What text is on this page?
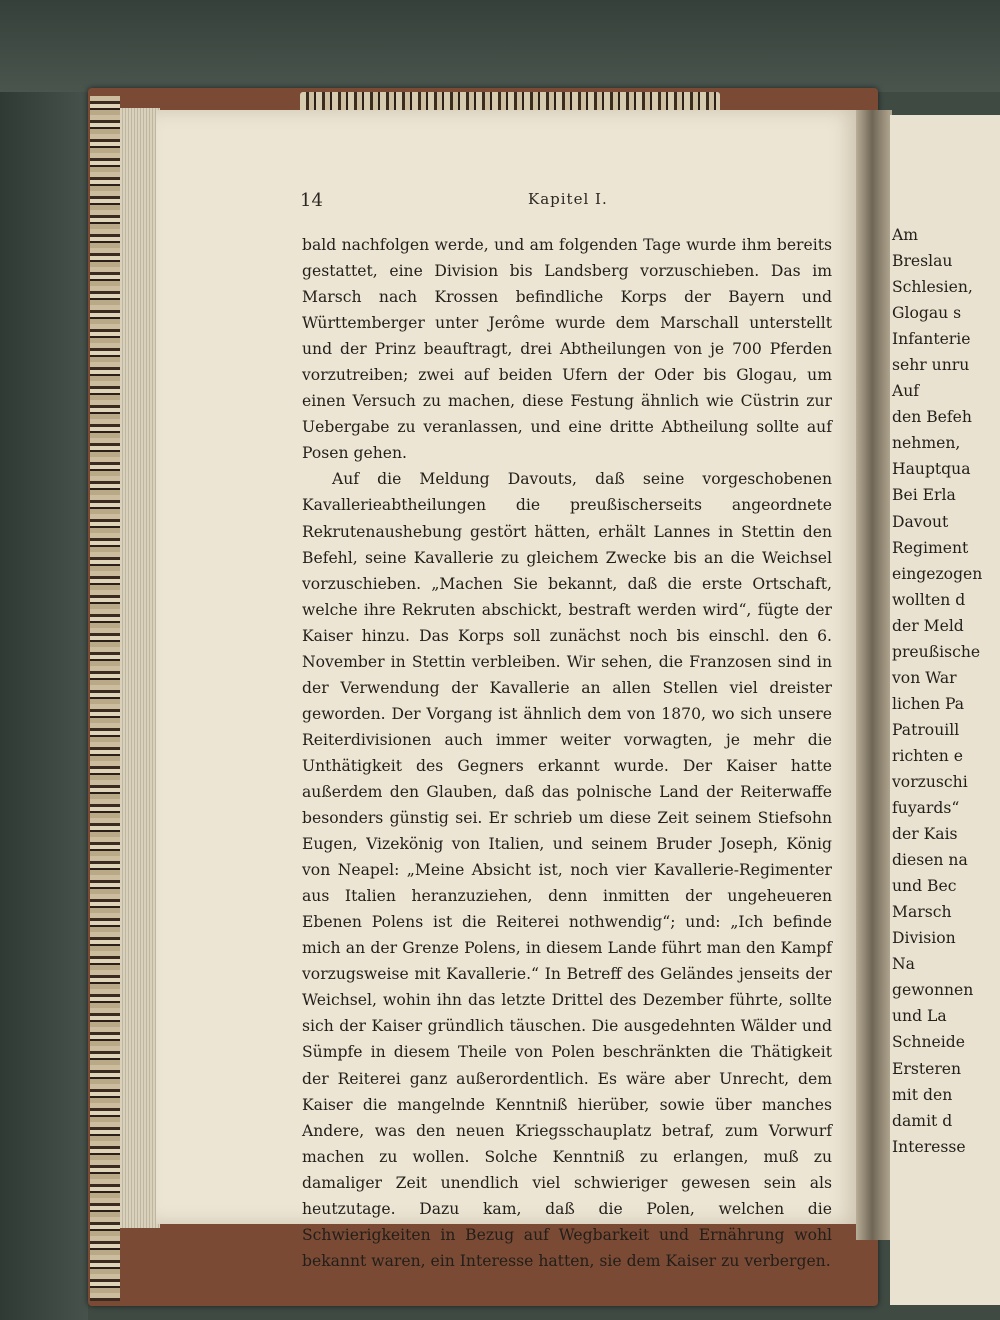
Am
Breslau
Schlesien,
Glogau s
Infanterie
sehr unru
Auf
den Befeh
nehmen,
Hauptqua
Bei Erla
Davout
Regiment
eingezogen
wollten d
der Meld
preußische
von War
lichen Pa
Patrouill
richten e
vorzuschi
fuyards“
der Kais
diesen na
und Bec
Marsch
Division
Na
gewonnen
und La
Schneide
Ersteren
mit den
damit d
Interesse
14	Kapitel I.

bald nachfolgen werde, und am folgenden Tage wurde ihm bereits gestattet, eine Division bis Landsberg vorzuschieben. Das im Marsch nach Krossen befindliche Korps der Bayern und Württemberger unter Jerôme wurde dem Marschall unterstellt und der Prinz beauftragt, drei Abtheilungen von je 700 Pferden vorzutreiben; zwei auf beiden Ufern der Oder bis Glogau, um einen Versuch zu machen, diese Festung ähnlich wie Cüstrin zur Uebergabe zu veranlassen, und eine dritte Abtheilung sollte auf Posen gehen.

Auf die Meldung Davouts, daß seine vorgeschobenen Kavallerieabtheilungen die preußischerseits angeordnete Rekrutenaushebung gestört hätten, erhält Lannes in Stettin den Befehl, seine Kavallerie zu gleichem Zwecke bis an die Weichsel vorzuschieben. „Machen Sie bekannt, daß die erste Ortschaft, welche ihre Rekruten abschickt, bestraft werden wird“, fügte der Kaiser hinzu. Das Korps soll zunächst noch bis einschl. den 6. November in Stettin verbleiben. Wir sehen, die Franzosen sind in der Verwendung der Kavallerie an allen Stellen viel dreister geworden. Der Vorgang ist ähnlich dem von 1870, wo sich unsere Reiterdivisionen auch immer weiter vorwagten, je mehr die Unthätigkeit des Gegners erkannt wurde. Der Kaiser hatte außerdem den Glauben, daß das polnische Land der Reiterwaffe besonders günstig sei. Er schrieb um diese Zeit seinem Stiefsohn Eugen, Vizekönig von Italien, und seinem Bruder Joseph, König von Neapel: „Meine Absicht ist, noch vier Kavallerie-Regimenter aus Italien heranzuziehen, denn inmitten der ungeheueren Ebenen Polens ist die Reiterei nothwendig“; und: „Ich befinde mich an der Grenze Polens, in diesem Lande führt man den Kampf vorzugsweise mit Kavallerie.“ In Betreff des Geländes jenseits der Weichsel, wohin ihn das letzte Drittel des Dezember führte, sollte sich der Kaiser gründlich täuschen. Die ausgedehnten Wälder und Sümpfe in diesem Theile von Polen beschränkten die Thätigkeit der Reiterei ganz außerordentlich. Es wäre aber Unrecht, dem Kaiser die mangelnde Kenntniß hierüber, sowie über manches Andere, was den neuen Kriegsschauplatz betraf, zum Vorwurf machen zu wollen. Solche Kenntniß zu erlangen, muß zu damaliger Zeit unendlich viel schwieriger gewesen sein als heutzutage. Dazu kam, daß die Polen, welchen die Schwierigkeiten in Bezug auf Wegbarkeit und Ernährung wohl bekannt waren, ein Interesse hatten, sie dem Kaiser zu verbergen.
